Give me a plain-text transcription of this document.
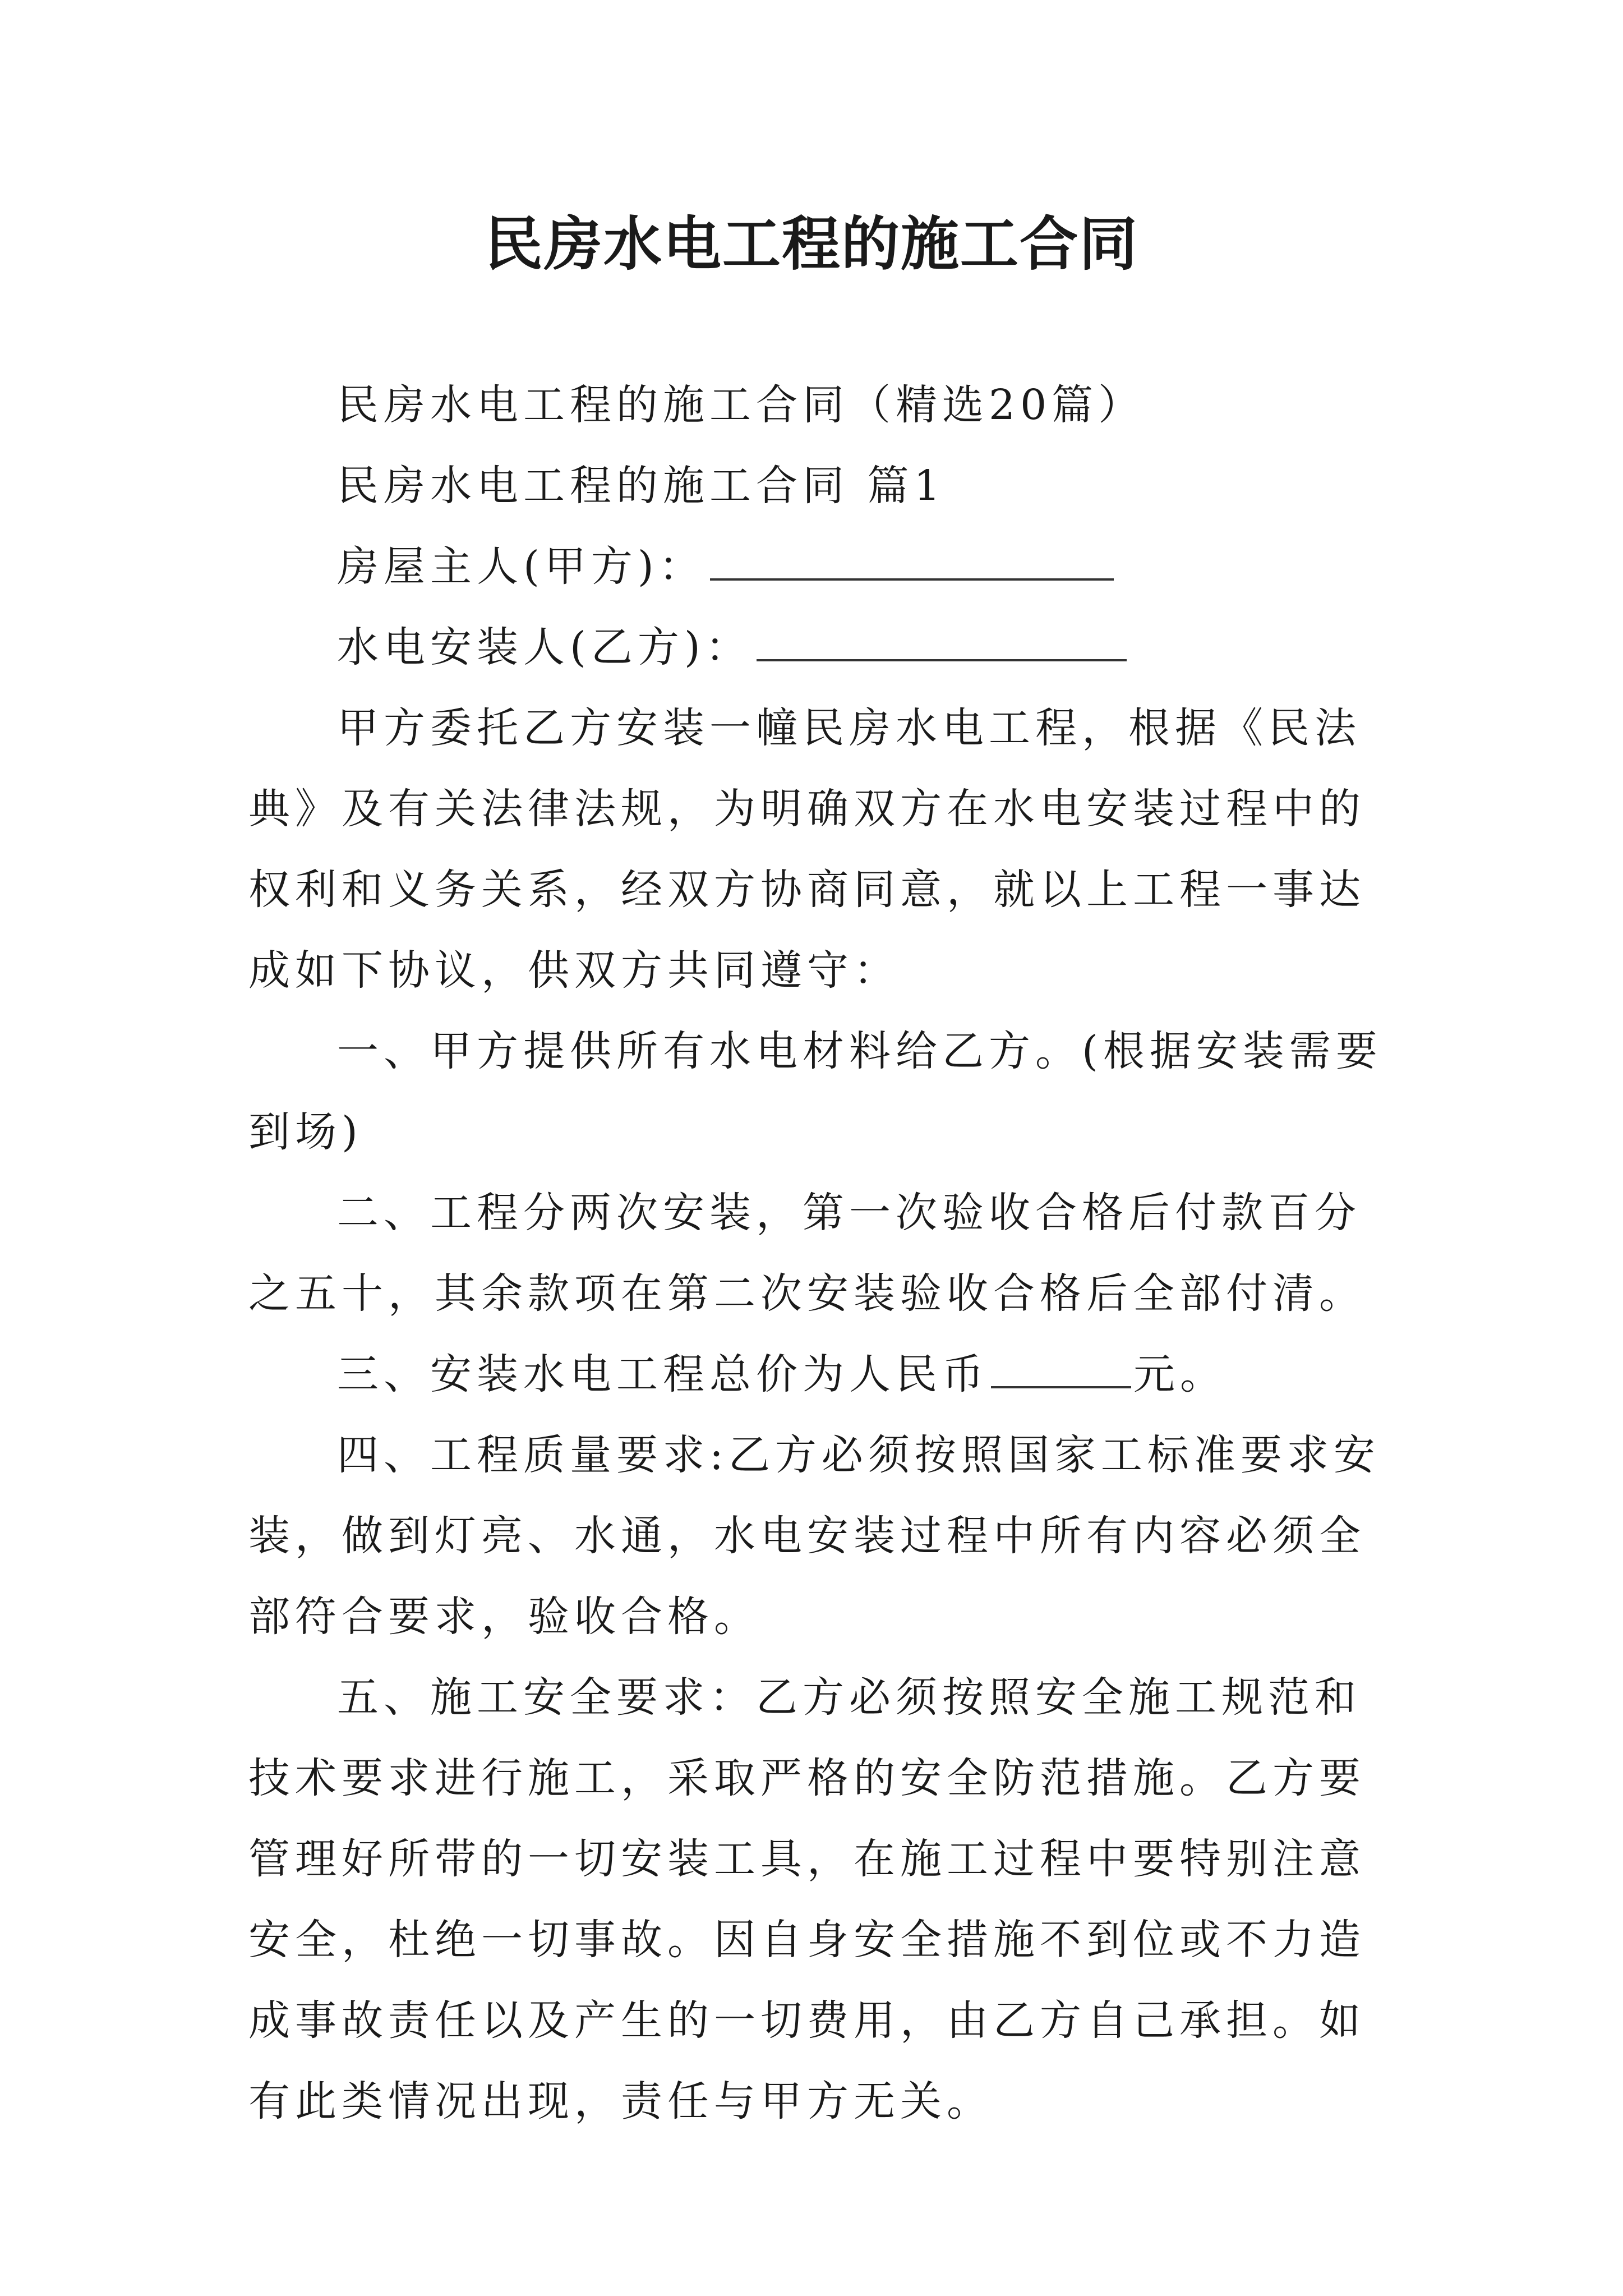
民房水电工程的施工合同

民房水电工程的施工合同（精选20篇）

民房水电工程的施工合同 篇1

房屋主人(甲方)：

水电安装人(乙方)：

甲方委托乙方安装一幢民房水电工程，根据《民法典》及有关法律法规，为明确双方在水电安装过程中的权利和义务关系，经双方协商同意，就以上工程一事达成如下协议，供双方共同遵守：

一、甲方提供所有水电材料给乙方。(根据安装需要到场)

二、工程分两次安装，第一次验收合格后付款百分之五十，其余款项在第二次安装验收合格后全部付清。

三、安装水电工程总价为人民币	元。

四、工程质量要求:乙方必须按照国家工标准要求安装，做到灯亮、水通，水电安装过程中所有内容必须全部符合要求，验收合格。

五、施工安全要求：乙方必须按照安全施工规范和技术要求进行施工，采取严格的安全防范措施。乙方要管理好所带的一切安装工具，在施工过程中要特别注意安全，杜绝一切事故。因自身安全措施不到位或不力造成事故责任以及产生的一切费用，由乙方自己承担。如有此类情况出现，责任与甲方无关。
